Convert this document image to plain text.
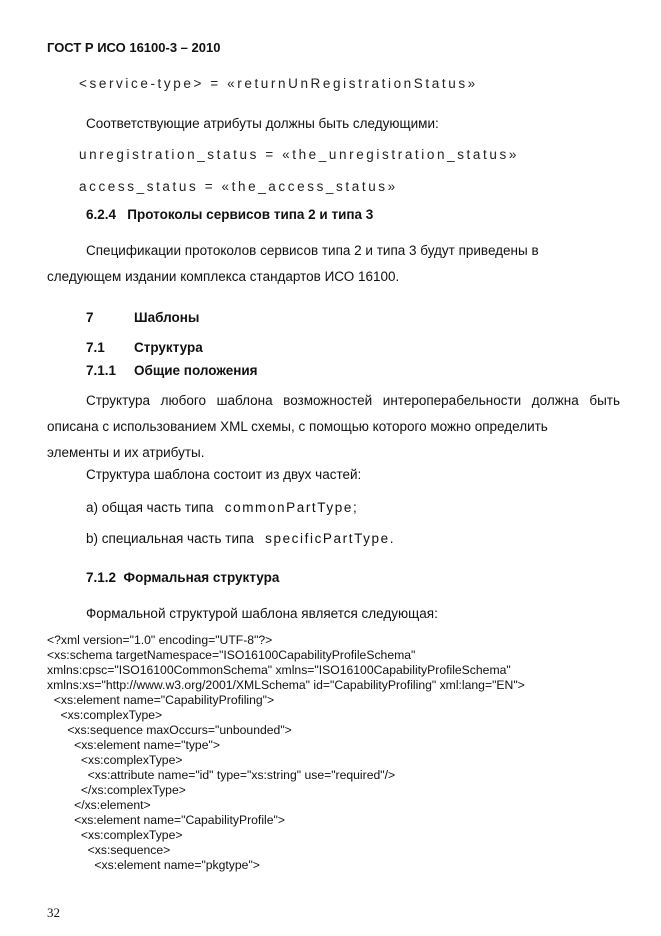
ГОСТ Р ИСО 16100-3 – 2010
<service-type> = «returnUnRegistrationStatus»
Соответствующие атрибуты должны быть следующими:
unregistration_status = «the_unregistration_status»
access_status = «the_access_status»
6.2.4 Протоколы сервисов типа 2 и типа 3
Спецификации протоколов сервисов типа 2 и типа 3 будут приведены в
следующем издании комплекса стандартов ИСО 16100.
7	Шаблоны
7.1 Структура
7.1.1 Общие положения
Структура любого шаблона возможностей интероперабельности должна быть описана с использованием XML схемы, с помощью которого можно определить
элементы и их атрибуты.
Структура шаблона состоит из двух частей:
а) общая часть типа commonPartType;
b) специальная часть типа specificPartType.
7.1.2 Формальная структура
Формальной структурой шаблона является следующая:
<?xml version="1.0" encoding="UTF-8"?>
<xs:schema targetNamespace="ISO16100CapabilityProfileSchema"
xmlns:cpsc="ISO16100CommonSchema" xmlns="ISO16100CapabilityProfileSchema"
xmlns:xs="http://www.w3.org/2001/XMLSchema" id="CapabilityProfiling" xml:lang="EN">
<xs:element name="CapabilityProfiling">
<xs:complexType>
<xs:sequence maxOccurs="unbounded">
<xs:element name="type">
<xs:complexType>
<xs:attribute name="id" type="xs:string" use="required"/>
</xs:complexType>
</xs:element>
<xs:element name="CapabilityProfile">
<xs:complexType>
<xs:sequence>
<xs:element name="pkgtype">
32
